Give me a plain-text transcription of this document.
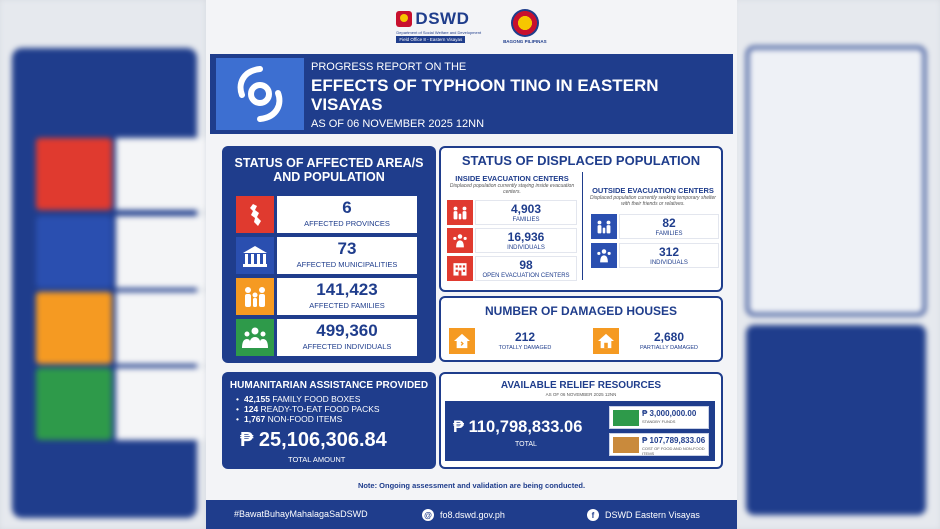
DSWD
Department of Social Welfare and Development
Field Office 8 - Eastern Visayas	BAGONG PILIPINAS
PROGRESS REPORT ON THE
EFFECTS OF TYPHOON TINO IN EASTERN VISAYAS
AS OF 06 NOVEMBER 2025 12NN
STATUS OF AFFECTED AREA/S AND POPULATION
6
AFFECTED PROVINCES
73
AFFECTED MUNICIPALITIES
141,423
AFFECTED FAMILIES
499,360
AFFECTED INDIVIDUALS
HUMANITARIAN ASSISTANCE PROVIDED
• 42,155 FAMILY FOOD BOXES
• 124 READY-TO-EAT FOOD PACKS
• 1,767 NON-FOOD ITEMS
₱ 25,106,306.84
TOTAL AMOUNT
STATUS OF DISPLACED POPULATION
INSIDE EVACUATION CENTERS
Displaced population currently staying inside evacuation centers.
4,903
FAMILIES
16,936
INDIVIDUALS
98
OPEN EVACUATION CENTERS
OUTSIDE EVACUATION CENTERS
Displaced population currently seeking temporary shelter with their friends or relatives.
82
FAMILIES
312
INDIVIDUALS
NUMBER OF DAMAGED HOUSES
212
TOTALLY DAMAGED
2,680
PARTIALLY DAMAGED
AVAILABLE RELIEF RESOURCES
AS OF 06 NOVEMBER 2025 12NN
₱ 110,798,833.06
TOTAL
₱ 3,000,000.00
STANDBY FUNDS
₱ 107,789,833.06
COST OF FOOD AND NON-FOOD ITEMS
Note: Ongoing assessment and validation are being conducted.
#BawatBuhayMahalagaSaDSWD	@ fo8.dswd.gov.ph	f	DSWD Eastern Visayas
